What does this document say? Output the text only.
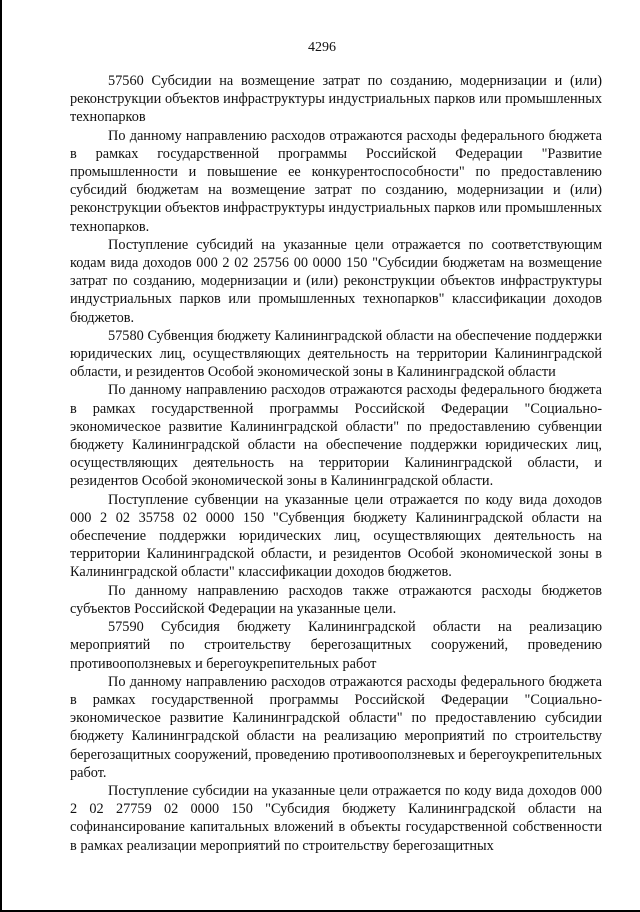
4296

57560 Субсидии на возмещение затрат по созданию, модернизации и (или) реконструкции объектов инфраструктуры индустриальных парков или промышленных технопарков

По данному направлению расходов отражаются расходы федерального бюджета в рамках государственной программы Российской Федерации "Развитие промышленности и повышение ее конкурентоспособности" по предоставлению субсидий бюджетам на возмещение затрат по созданию, модернизации и (или) реконструкции объектов инфраструктуры индустриальных парков или промышленных технопарков.

Поступление субсидий на указанные цели отражается по соответствующим кодам вида доходов 000 2 02 25756 00 0000 150 "Субсидии бюджетам на возмещение затрат по созданию, модернизации и (или) реконструкции объектов инфраструктуры индустриальных парков или промышленных технопарков" классификации доходов бюджетов.

57580 Субвенция бюджету Калининградской области на обеспечение поддержки юридических лиц, осуществляющих деятельность на территории Калининградской области, и резидентов Особой экономической зоны в Калининградской области

По данному направлению расходов отражаются расходы федерального бюджета в рамках государственной программы Российской Федерации "Социально-экономическое развитие Калининградской области" по предоставлению субвенции бюджету Калининградской области на обеспечение поддержки юридических лиц, осуществляющих деятельность на территории Калининградской области, и резидентов Особой экономической зоны в Калининградской области.

Поступление субвенции на указанные цели отражается по коду вида доходов 000 2 02 35758 02 0000 150 "Субвенция бюджету Калининградской области на обеспечение поддержки юридических лиц, осуществляющих деятельность на территории Калининградской области, и резидентов Особой экономической зоны в Калининградской области" классификации доходов бюджетов.

По данному направлению расходов также отражаются расходы бюджетов субъектов Российской Федерации на указанные цели.

57590 Субсидия бюджету Калининградской области на реализацию мероприятий по строительству берегозащитных сооружений, проведению противооползневых и берегоукрепительных работ

По данному направлению расходов отражаются расходы федерального бюджета в рамках государственной программы Российской Федерации "Социально-экономическое развитие Калининградской области" по предоставлению субсидии бюджету Калининградской области на реализацию мероприятий по строительству берегозащитных сооружений, проведению противооползневых и берегоукрепительных работ.

Поступление субсидии на указанные цели отражается по коду вида доходов 000 2 02 27759 02 0000 150 "Субсидия бюджету Калининградской области на софинансирование капитальных вложений в объекты государственной собственности в рамках реализации мероприятий по строительству берегозащитных
